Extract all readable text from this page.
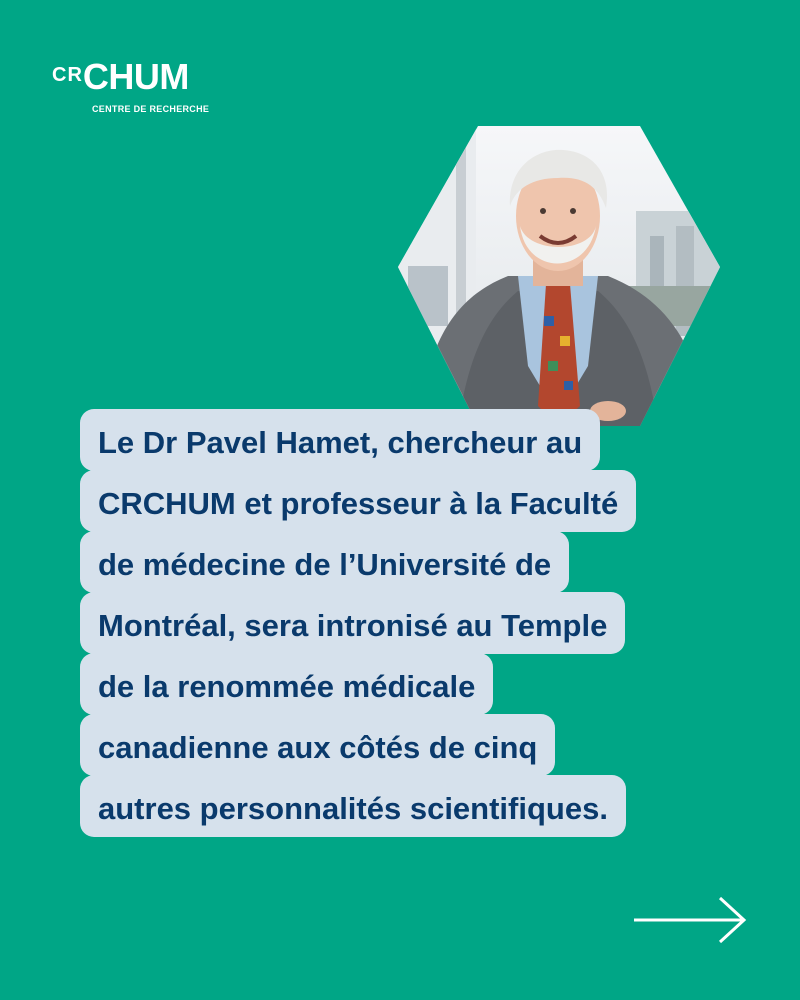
CR CHUM
CENTRE DE RECHERCHE
Le Dr Pavel Hamet, chercheur au
CRCHUM et professeur à la Faculté
de médecine de l’Université de
Montréal, sera intronisé au Temple
de la renommée médicale
canadienne aux côtés de cinq
autres personnalités scientifiques.
